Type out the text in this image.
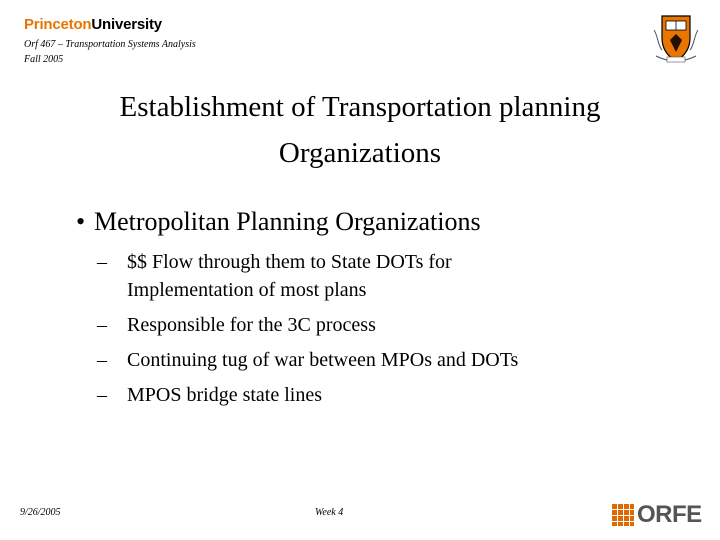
PrincetonUniversity
Orf 467 – Transportation Systems Analysis
Fall 2005
Establishment of Transportation planning
Organizations
• Metropolitan Planning Organizations
– $$ Flow through them to State DOTs for
Implementation of most plans
– Responsible for the 3C process
– Continuing tug of war between MPOs and DOTs
– MPOS bridge state lines
9/26/2005	Week 4	ORFE
